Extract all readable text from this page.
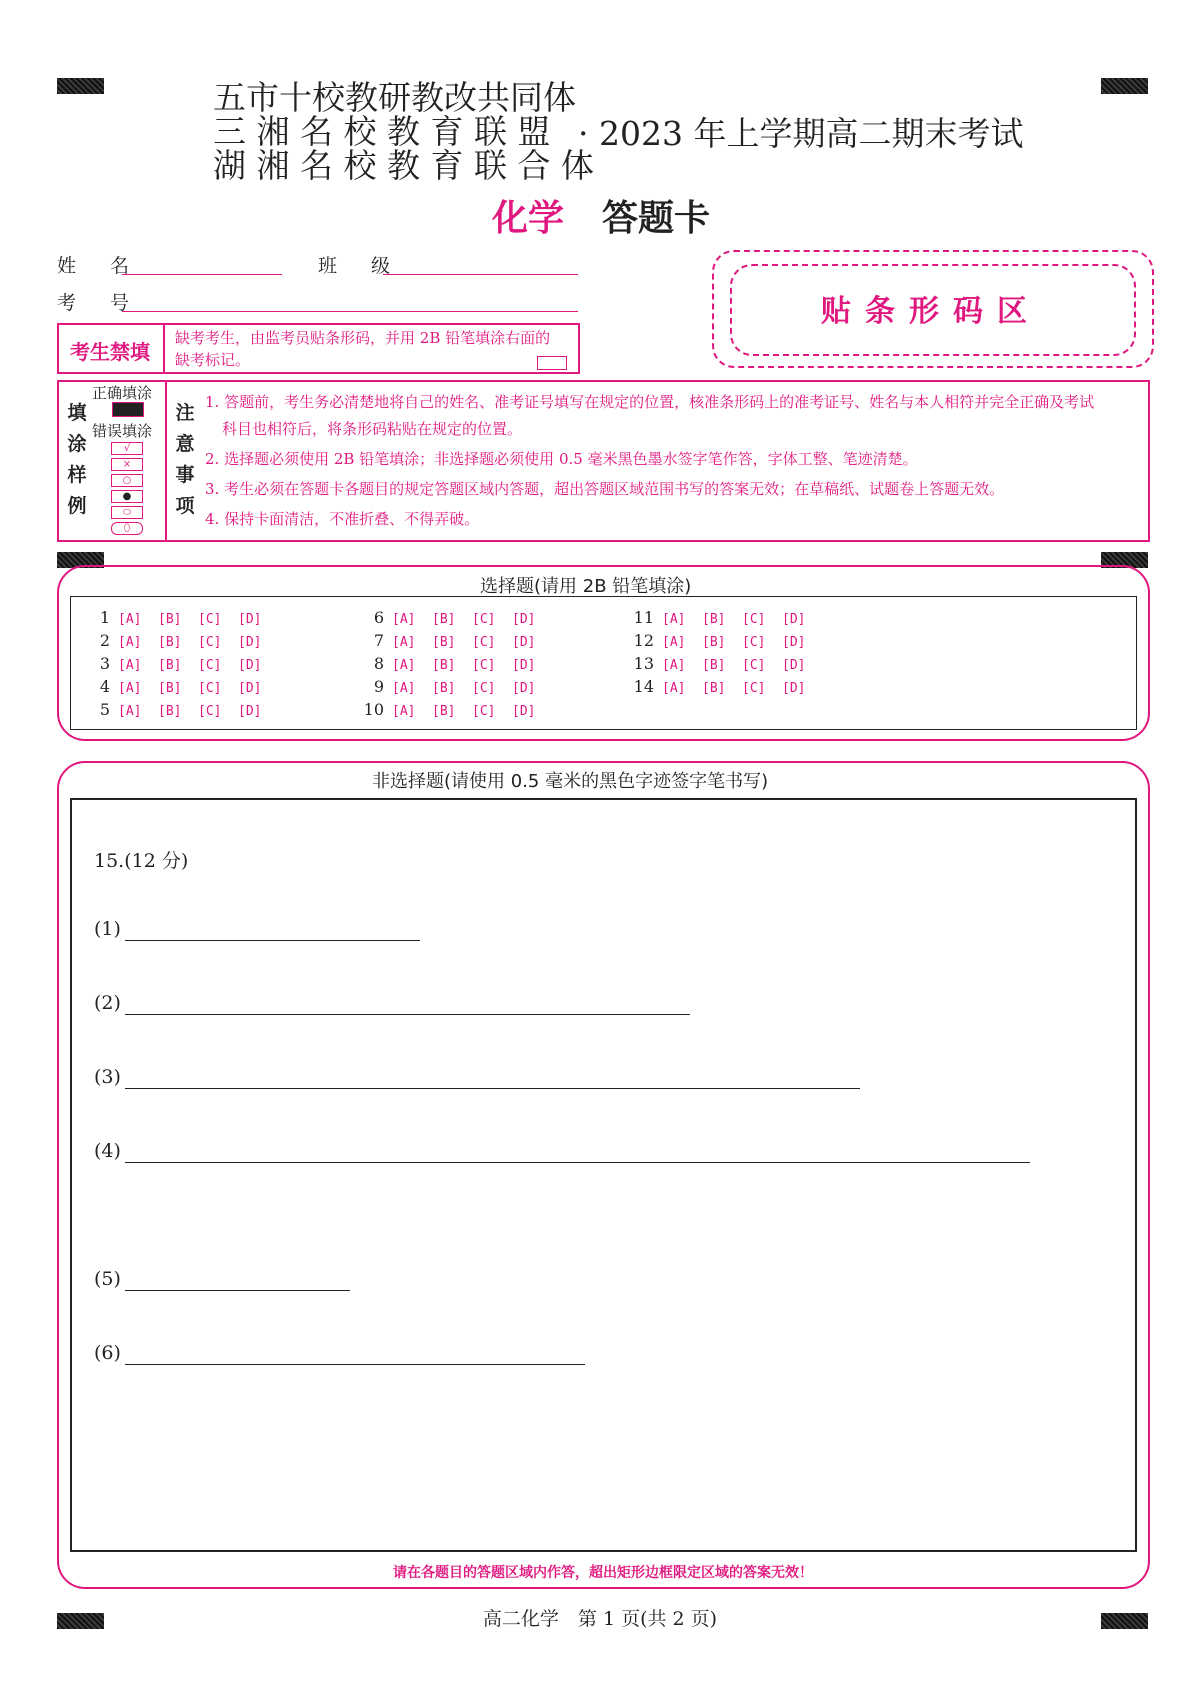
五市十校教研教改共同体
三 湘 名 校 教 育 联 盟
湖 湘 名 校 教 育 联 合 体
· 2023 年上学期高二期末考试
化学 答题卡
姓 名	班 级
考 号	贴条形码区
考生禁填
缺考考生，由监考员贴条形码，并用 2B 铅笔填涂右面的
缺考标记。
填
涂
样
例
正确填涂
错误填涂
√
×
○
●
⬭
⬯
注
意
事
项
1. 答题前，考生务必清楚地将自己的姓名、准考证号填写在规定的位置，核准条形码上的准考证号、姓名与本人相符并完全正确及考试
科目也相符后，将条形码粘贴在规定的位置。
2. 选择题必须使用 2B 铅笔填涂；非选择题必须使用 0.5 毫米黑色墨水签字笔作答，字体工整、笔迹清楚。
3. 考生必须在答题卡各题目的规定答题区域内答题，超出答题区域范围书写的答案无效；在草稿纸、试题卷上答题无效。
4. 保持卡面清洁，不准折叠、不得弄破。
选择题(请用 2B 铅笔填涂)
1 [A] [B] [C] [D]
2 [A] [B] [C] [D]
3 [A] [B] [C] [D]
4 [A] [B] [C] [D]
5 [A] [B] [C] [D]
6 [A] [B] [C] [D]
7 [A] [B] [C] [D]
8 [A] [B] [C] [D]
9 [A] [B] [C] [D]
10 [A] [B] [C] [D]
11 [A] [B] [C] [D]
12 [A] [B] [C] [D]
13 [A] [B] [C] [D]
14 [A] [B] [C] [D]
非选择题(请使用 0.5 毫米的黑色字迹签字笔书写)
15.(12 分)
(1)
(2)
(3)
(4)
(5)
(6)
请在各题目的答题区域内作答，超出矩形边框限定区域的答案无效！
高二化学　第 1 页(共 2 页)
